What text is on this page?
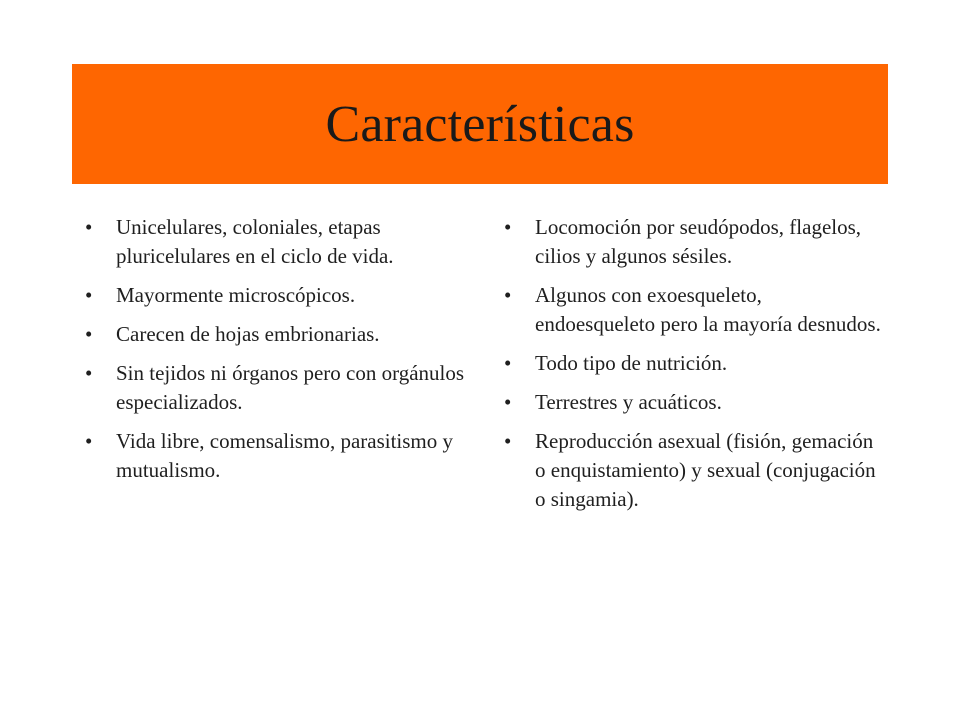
Características
• Unicelulares, coloniales, etapas pluricelulares en el ciclo de vida.
• Mayormente microscópicos.
• Carecen de hojas embrionarias.
• Sin tejidos ni órganos pero con orgánulos especializados.
• Vida libre, comensalismo, parasitismo y mutualismo.
• Locomoción por seudópodos, flagelos, cilios y algunos sésiles.
• Algunos con exoesqueleto, endoesqueleto pero la mayoría desnudos.
• Todo tipo de nutrición.
• Terrestres y acuáticos.
• Reproducción asexual (fisión, gemación o enquistamiento) y sexual (conjugación o singamia).
